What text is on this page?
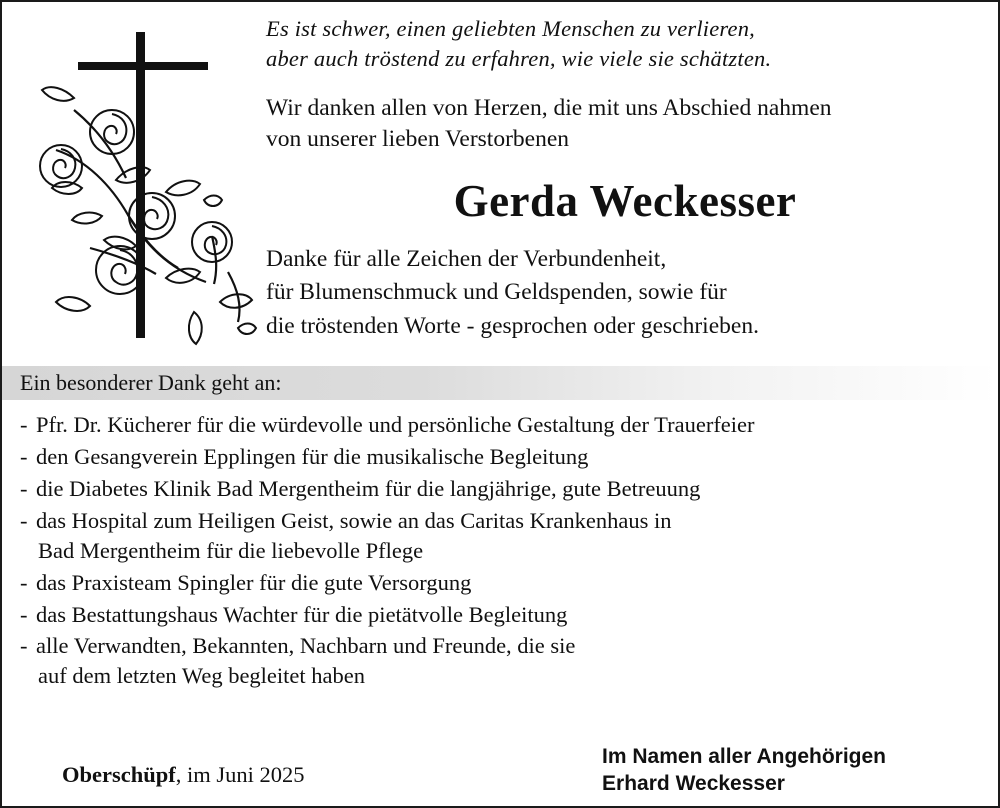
Es ist schwer, einen geliebten Menschen zu verlieren,
aber auch tröstend zu erfahren, wie viele sie schätzten.
Wir danken allen von Herzen, die mit uns Abschied nahmen
von unserer lieben Verstorbenen
Gerda Weckesser
Danke für alle Zeichen der Verbundenheit,
für Blumenschmuck und Geldspenden, sowie für
die tröstenden Worte - gesprochen oder geschrieben.
Ein besonderer Dank geht an:
- Pfr. Dr. Kücherer für die würdevolle und persönliche Gestaltung der Trauerfeier
- den Gesangverein Epplingen für die musikalische Begleitung
- die Diabetes Klinik Bad Mergentheim für die langjährige, gute Betreuung
- das Hospital zum Heiligen Geist, sowie an das Caritas Krankenhaus in
Bad Mergentheim für die liebevolle Pflege
- das Praxisteam Spingler für die gute Versorgung
- das Bestattungshaus Wachter für die pietätvolle Begleitung
- alle Verwandten, Bekannten, Nachbarn und Freunde, die sie
auf dem letzten Weg begleitet haben
Oberschüpf, im Juni 2025
Im Namen aller Angehörigen
Erhard Weckesser
